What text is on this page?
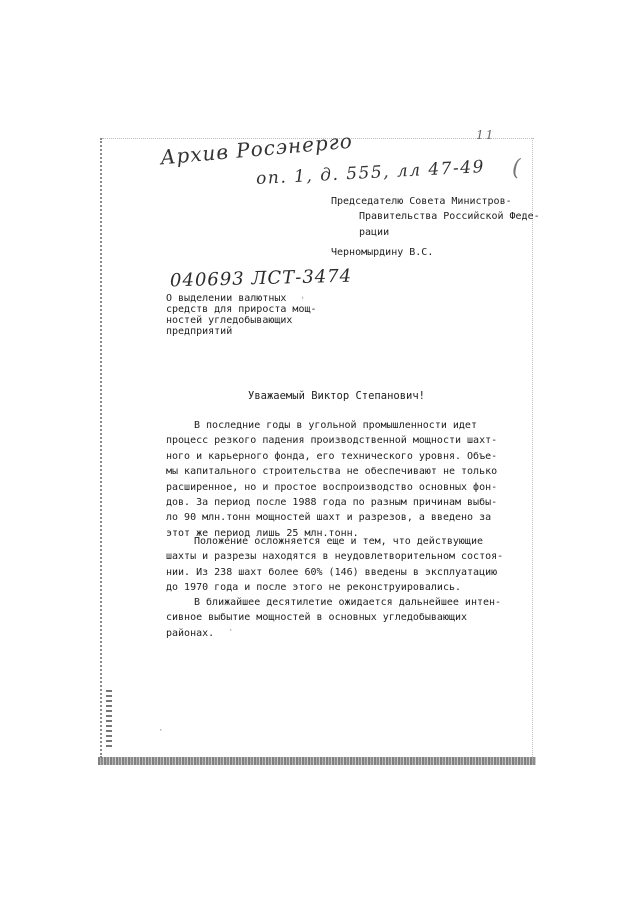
Архив Росэнерго
оп. 1, д. 555, лл 47-49
11
(
Председателю Совета Министров-
Правительства Российской Феде-
рации
Черномырдину В.С.
040693 ЛСТ-3474
О выделении валютных
средств для прироста мощ-
ностей угледобывающих
предприятий
Уважаемый Виктор Степанович!
В последние годы в угольной промышленности идет
процесс резкого падения производственной мощности шахт-
ного и карьерного фонда, его технического уровня. Объе-
мы капитального строительства не обеспечивают не только
расширенное, но и простое воспроизводство основных фон-
дов. За период после 1988 года по разным причинам выбы-
ло 90 млн.тонн мощностей шахт и разрезов, а введено за
этот же период лишь 25 млн.тонн.
Положение осложняется еще и тем, что действующие
шахты и разрезы находятся в неудовлетворительном состоя-
нии. Из 238 шахт более 60% (146) введены в эксплуатацию
до 1970 года и после этого не реконструировались.
В ближайшее десятилетие ожидается дальнейшее интен-
сивное выбытие мощностей в основных угледобывающих
районах.
'
·
·
